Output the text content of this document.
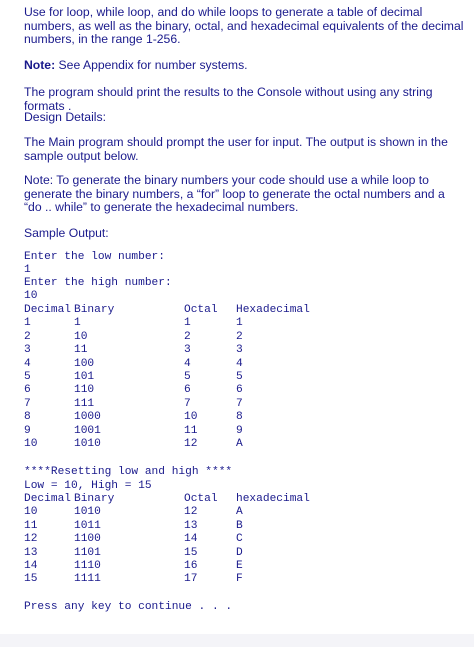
Use for loop, while loop, and do while loops to generate a table of decimal numbers, as well as the binary, octal, and hexadecimal equivalents of the decimal numbers, in the range 1-256.

Note: See Appendix for number systems.

The program should print the results to the Console without using any string formats .

Design Details:

The Main program should prompt the user for input. The output is shown in the sample output below.

Note: To generate the binary numbers your code should use a while loop to generate the binary numbers, a “for” loop to generate the octal numbers and a “do .. while” to generate the hexadecimal numbers.

Sample Output:

Enter the low number:
1
Enter the high number:
10
Decimal Binary	Octal Hexadecimal
1	1	1	1
2	10	2	2
3	11	3	3
4	100	4	4
5	101	5	5
6	110	6	6
7	111	7	7
8	1000	10	8
9	1001	11	9
10	1010	12	A
****Resetting low and high ****
Low = 10, High = 15
Decimal Binary	Octal hexadecimal
10	1010	12	A
11	1011	13	B
12	1100	14	C
13	1101	15	D
14	1110	16	E
15	1111	17	F
Press any key to continue . . .
